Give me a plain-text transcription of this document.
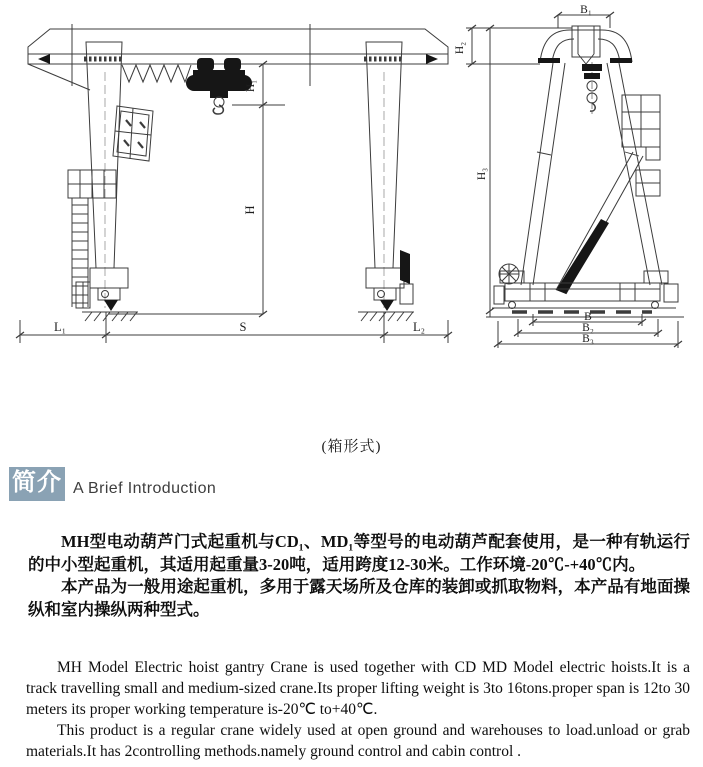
H₁
H
L₁	S	L₂
B₁
H₂
H₃
B
B₂
B₃
(箱形式)
简介 A Brief Introduction

MH型电动葫芦门式起重机与CD₁、MD₁等型号的电动葫芦配套使用，是一种有轨运行的中小型起重机，其适用起重量3-20吨，适用跨度12-30米。工作环境-20℃-+40℃内。

本产品为一般用途起重机，多用于露天场所及仓库的装卸或抓取物料，本产品有地面操纵和室内操纵两种型式。

MH Model Electric hoist gantry Crane is used together with CD MD Model electric hoists.It is a track travelling small and medium-sized crane.Its proper lifting weight is 3to 16tons.proper span is 12to 30 meters its proper working temperature is-20℃ to+40℃.

This product is a regular crane widely used at open ground and warehouses to load.unload or grab materials.It has 2controlling methods.namely ground control and cabin control .
